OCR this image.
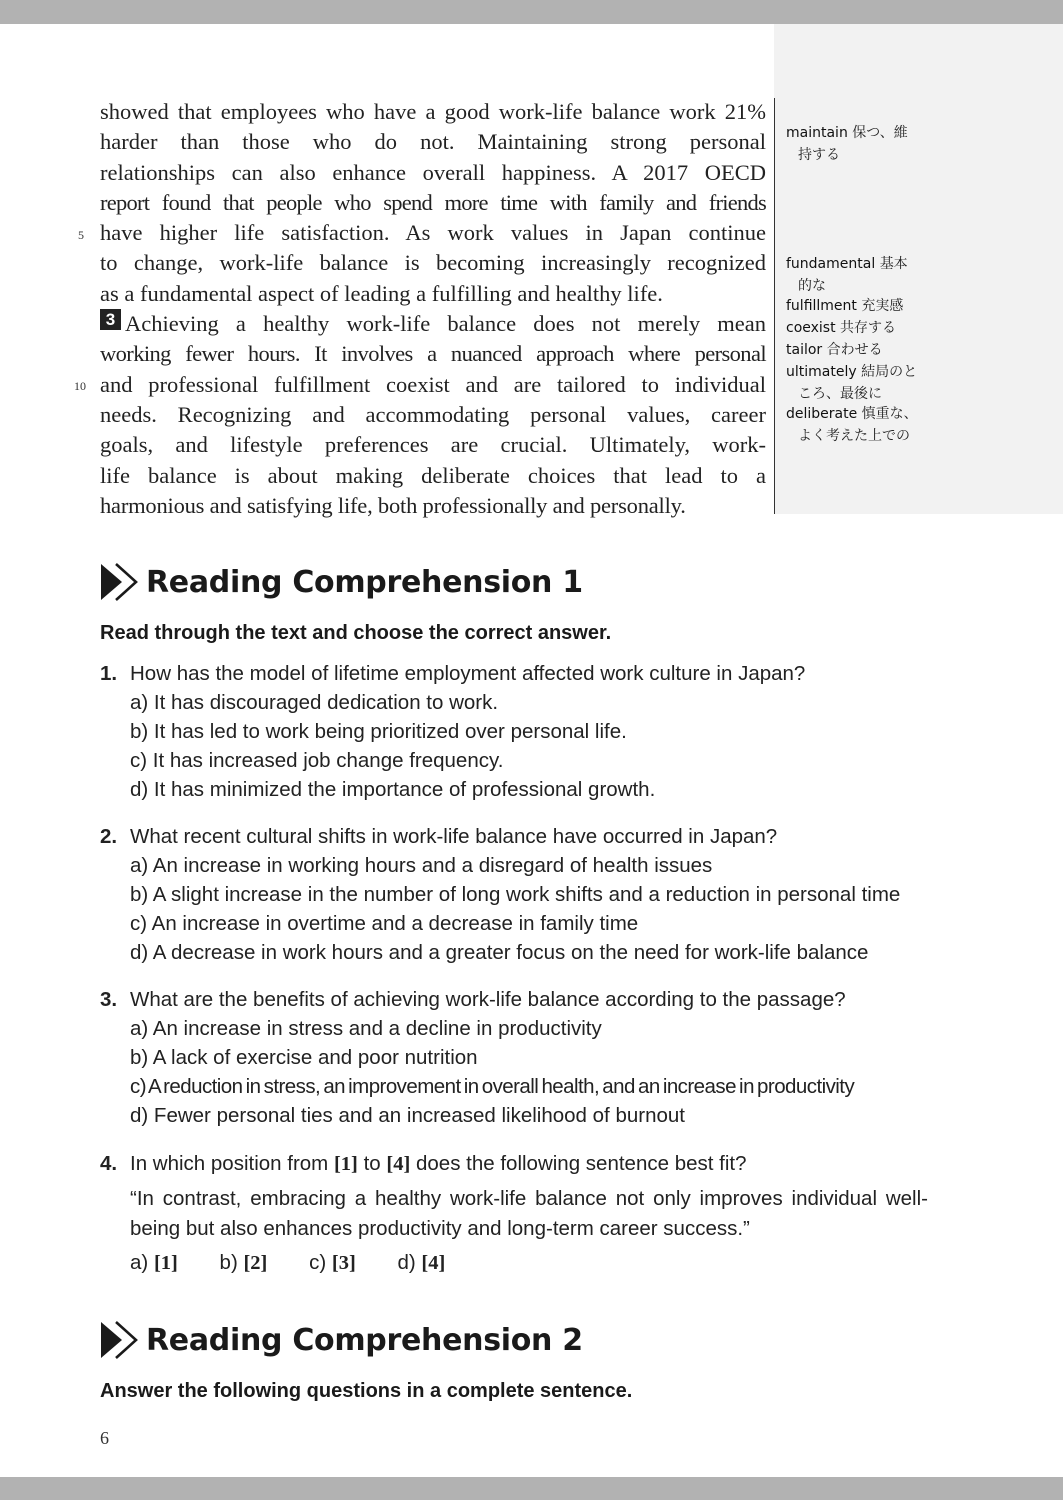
showed that employees who have a good work-life balance work 21%
harder than those who do not. Maintaining strong personal
relationships can also enhance overall happiness. A 2017 OECD
report found that people who spend more time with family and friends
have higher life satisfaction. As work values in Japan continue
to change, work-life balance is becoming increasingly recognized
as a fundamental aspect of leading a fulfilling and healthy life.
3 Achieving a healthy work-life balance does not merely mean
working fewer hours. It involves a nuanced approach where personal
and professional fulfillment coexist and are tailored to individual
needs. Recognizing and accommodating personal values, career
goals, and lifestyle preferences are crucial. Ultimately, work-
life balance is about making deliberate choices that lead to a
harmonious and satisfying life, both professionally and personally.
5
10
maintain 保つ、維
持する
fundamental 基本
的な
fulfillment 充実感
coexist 共存する
tailor 合わせる
ultimately 結局のと
ころ、最後に
deliberate 慎重な、
よく考えた上での
Reading Comprehension 1
Read through the text and choose the correct answer.
1. How has the model of lifetime employment affected work culture in Japan?
a) It has discouraged dedication to work.
b) It has led to work being prioritized over personal life.
c) It has increased job change frequency.
d) It has minimized the importance of professional growth.
2. What recent cultural shifts in work-life balance have occurred in Japan?
a) An increase in working hours and a disregard of health issues
b) A slight increase in the number of long work shifts and a reduction in personal time
c) An increase in overtime and a decrease in family time
d) A decrease in work hours and a greater focus on the need for work-life balance
3. What are the benefits of achieving work-life balance according to the passage?
a) An increase in stress and a decline in productivity
b) A lack of exercise and poor nutrition
c) A reduction in stress, an improvement in overall health, and an increase in productivity
d) Fewer personal ties and an increased likelihood of burnout
4. In which position from [1] to [4] does the following sentence best fit?
“In contrast, embracing a healthy work-life balance not only improves individual well-being but also enhances productivity and long-term career success.”
a) [1] b) [2] c) [3] d) [4]
Reading Comprehension 2
Answer the following questions in a complete sentence.
6
